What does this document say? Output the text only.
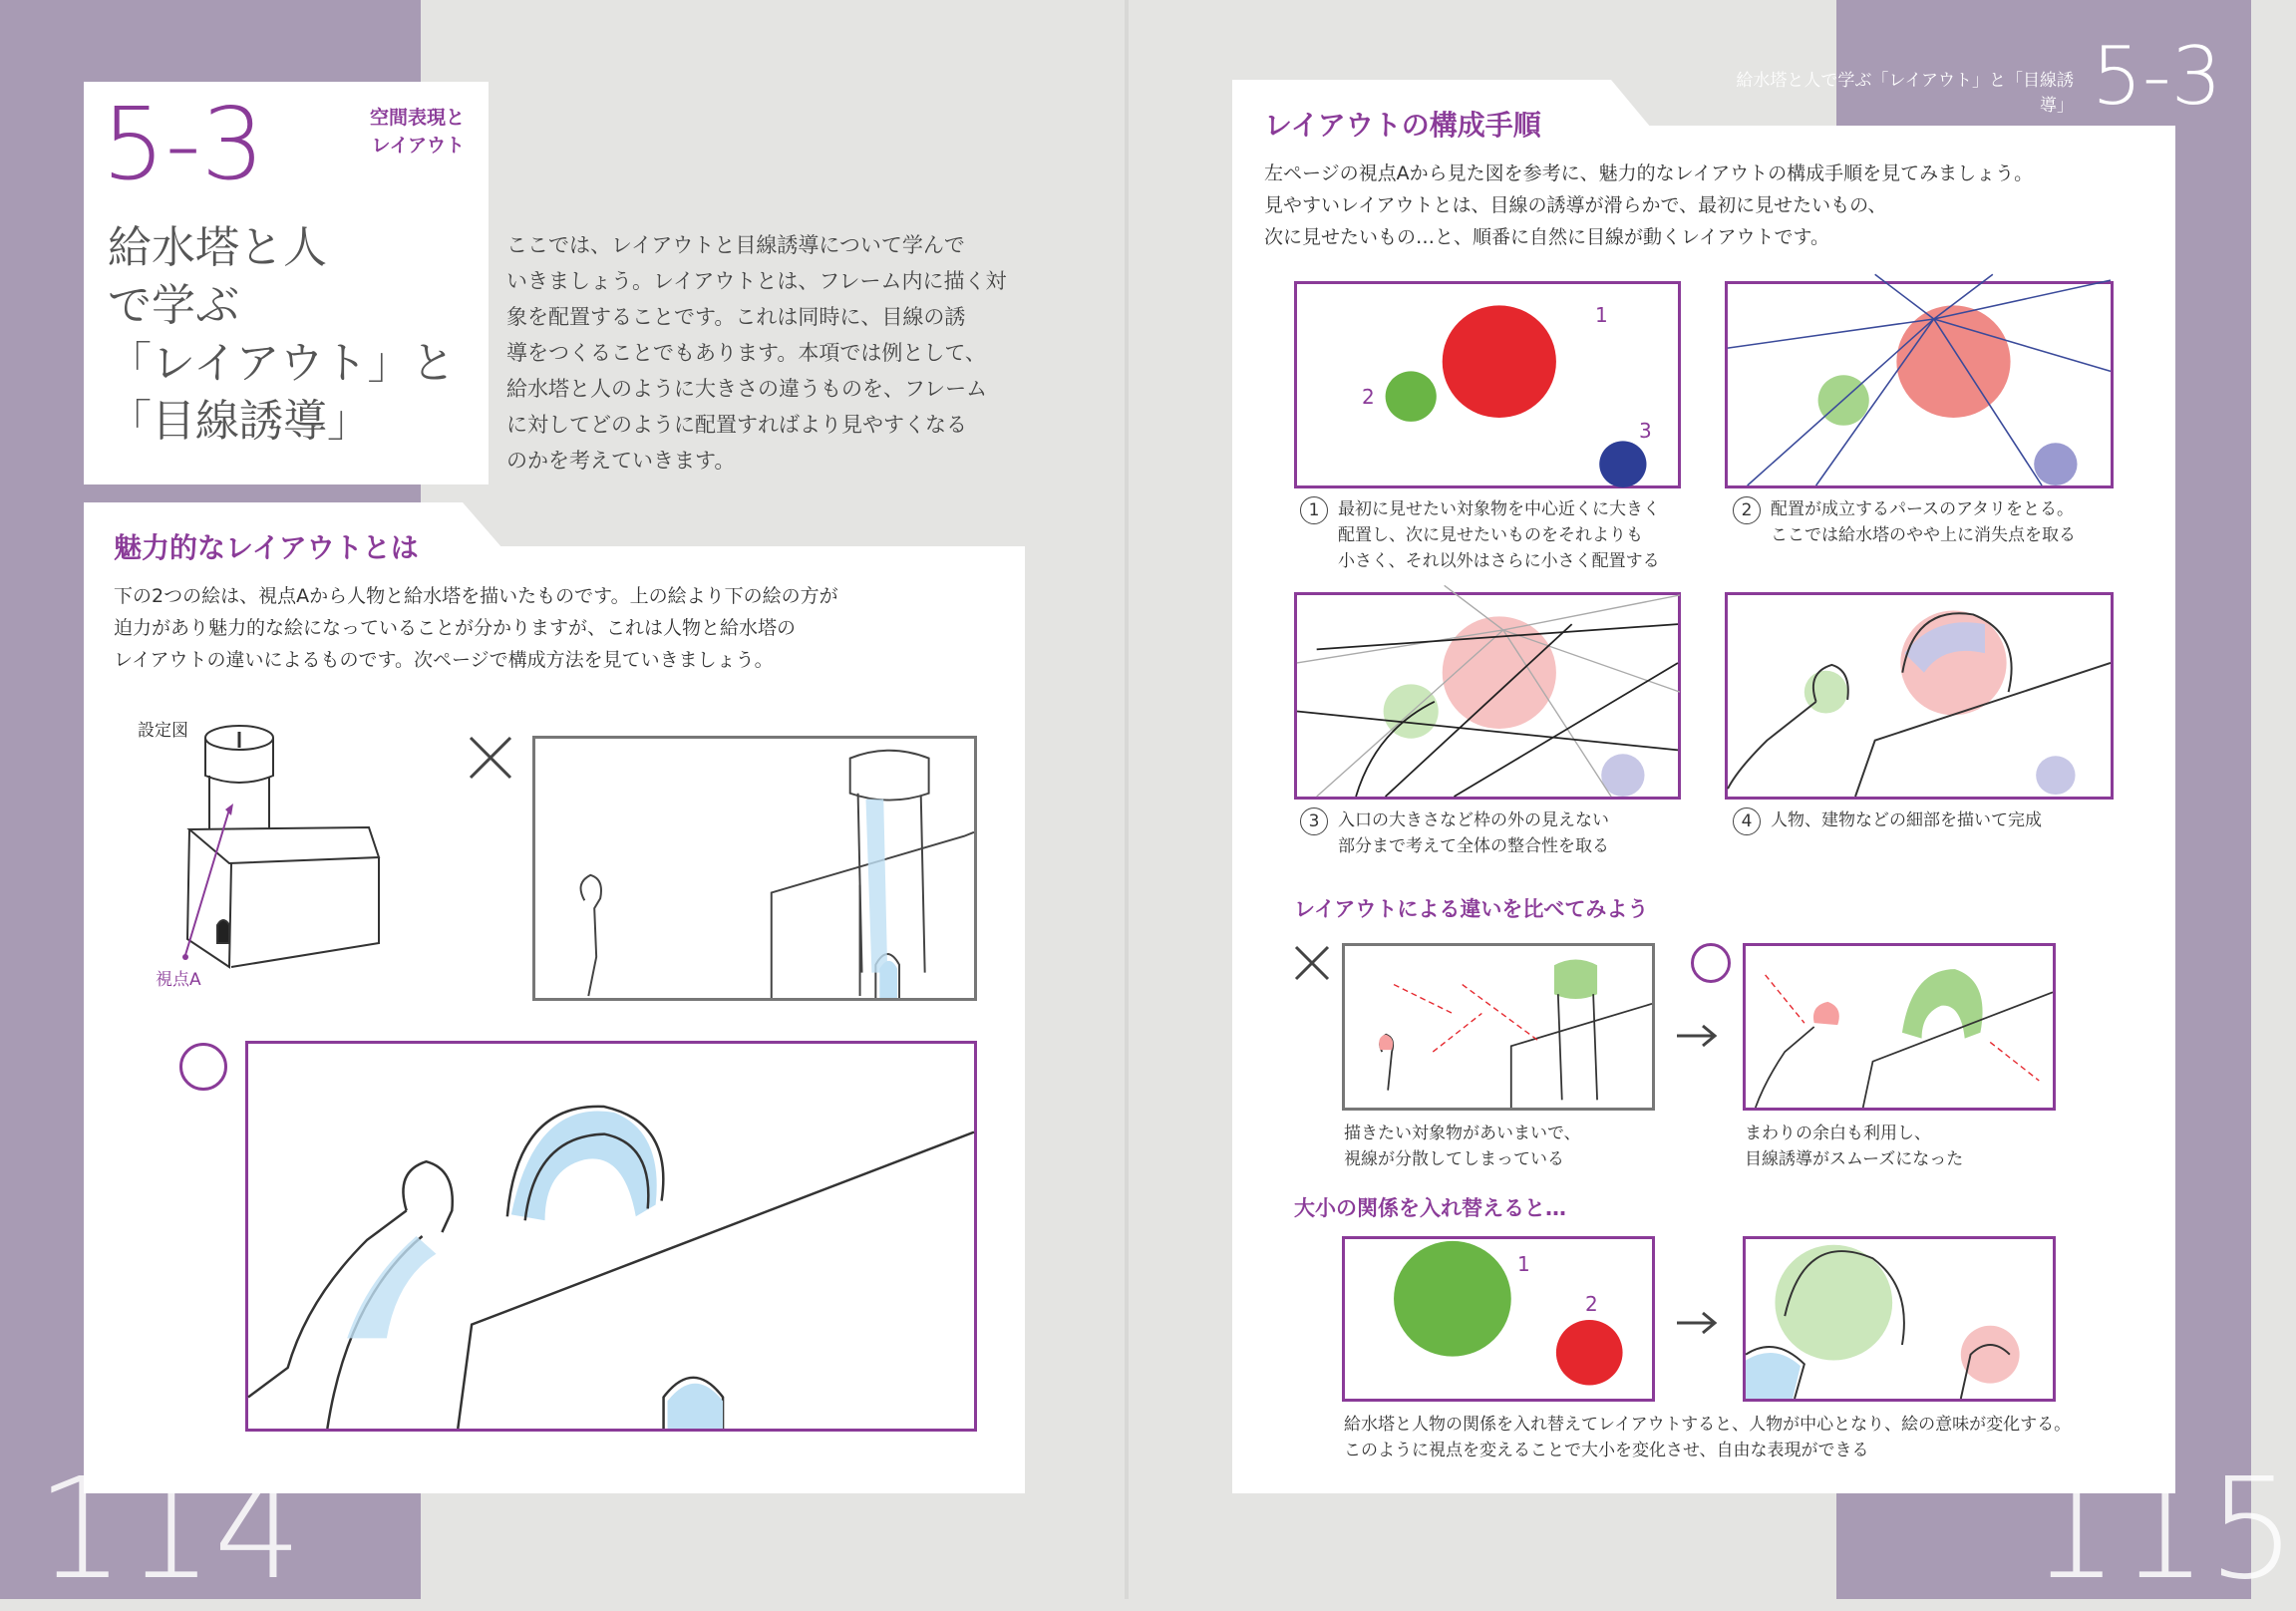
5-3	空間表現と
レイアウト
給水塔と人
で学ぶ
「レイアウト」と
「目線誘導」
ここでは、レイアウトと目線誘導について学んで
いきましょう。レイアウトとは、フレーム内に描く対
象を配置することです。これは同時に、目線の誘
導をつくることでもあります。本項では例として、
給水塔と人のように大きさの違うものを、フレーム
に対してどのように配置すればより見やすくなる
のかを考えていきます。
魅力的なレイアウトとは
下の2つの絵は、視点Aから人物と給水塔を描いたものです。上の絵より下の絵の方が
迫力があり魅力的な絵になっていることが分かりますが、これは人物と給水塔の
レイアウトの違いによるものです。次ページで構成方法を見ていきましょう。
設定図
視点A
114
給水塔と人で学ぶ「レイアウト」と「目線誘導」 5-3
レイアウトの構成手順
左ページの視点Aから見た図を参考に、魅力的なレイアウトの構成手順を見てみましょう。
見やすいレイアウトとは、目線の誘導が滑らかで、最初に見せたいもの、
次に見せたいもの…と、順番に自然に目線が動くレイアウトです。
1
2
3
1 最初に見せたい対象物を中心近くに大きく
配置し、次に見せたいものをそれよりも
小さく、それ以外はさらに小さく配置する
2 配置が成立するパースのアタリをとる。
ここでは給水塔のやや上に消失点を取る
3 入口の大きさなど枠の外の見えない
部分まで考えて全体の整合性を取る
4 人物、建物などの細部を描いて完成
レイアウトによる違いを比べてみよう
描きたい対象物があいまいで、
視線が分散してしまっている
まわりの余白も利用し、
目線誘導がスムーズになった
大小の関係を入れ替えると…
1
2
給水塔と人物の関係を入れ替えてレイアウトすると、人物が中心となり、絵の意味が変化する。
このように視点を変えることで大小を変化させ、自由な表現ができる	115
